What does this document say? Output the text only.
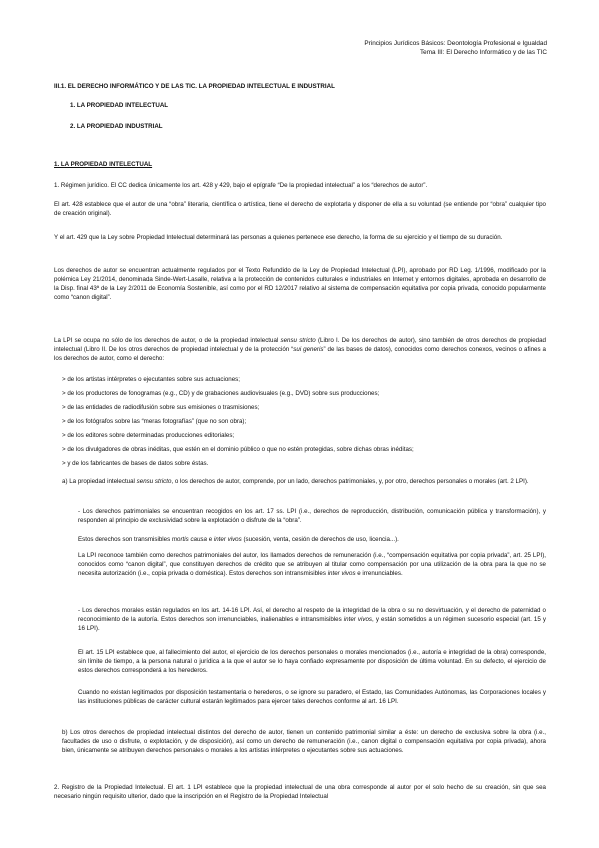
Principios Jurídicos Básicos: Deontología Profesional e Igualdad
Tema III: El Derecho Informático y de las TIC
III.1. EL DERECHO INFORMÁTICO Y DE LAS TIC. LA PROPIEDAD INTELECTUAL E INDUSTRIAL
1. LA PROPIEDAD INTELECTUAL
2. LA PROPIEDAD INDUSTRIAL
1. LA PROPIEDAD INTELECTUAL

1. Régimen jurídico. El CC dedica únicamente los art. 428 y 429, bajo el epígrafe “De la propiedad intelectual” a los “derechos de autor”.

El art. 428 establece que el autor de una “obra” literaria, científica o artística, tiene el derecho de explotarla y disponer de ella a su voluntad (se entiende por “obra” cualquier tipo de creación original).

Y el art. 429 que la Ley sobre Propiedad Intelectual determinará las personas a quienes pertenece ese derecho, la forma de su ejercicio y el tiempo de su duración.

Los derechos de autor se encuentran actualmente regulados por el Texto Refundido de la Ley de Propiedad Intelectual (LPI), aprobado por RD Leg. 1/1996, modificado por la polémica Ley 21/2014, denominada Sinde-Wert-Lasalle, relativa a la protección de contenidos culturales e industriales en Internet y entornos digitales, aprobada en desarrollo de la Disp. final 43ª de la Ley 2/2011 de Economía Sostenible, así como por el RD 12/2017 relativo al sistema de compensación equitativa por copia privada, conocido popularmente como “canon digital”.

La LPI se ocupa no sólo de los derechos de autor, o de la propiedad intelectual sensu stricto (Libro I. De los derechos de autor), sino también de otros derechos de propiedad intelectual (Libro II. De los otros derechos de propiedad intelectual y de la protección “sui generis” de las bases de datos), conocidos como derechos conexos, vecinos o afines a los derechos de autor, como el derecho:

> de los artistas intérpretes o ejecutantes sobre sus actuaciones;
> de los productores de fonogramas (e.g., CD) y de grabaciones audiovisuales (e.g., DVD) sobre sus producciones;
> de las entidades de radiodifusión sobre sus emisiones o trasmisiones;
> de los fotógrafos sobre las “meras fotografías” (que no son obra);
> de los editores sobre determinadas producciones editoriales;
> de los divulgadores de obras inéditas, que estén en el dominio público o que no estén protegidas, sobre dichas obras inéditas;
> y de los fabricantes de bases de datos sobre éstas.

a) La propiedad intelectual sensu stricto, o los derechos de autor, comprende, por un lado, derechos patrimoniales, y, por otro, derechos personales o morales (art. 2 LPI).

- Los derechos patrimoniales se encuentran recogidos en los art. 17 ss. LPI (i.e., derechos de reproducción, distribución, comunicación pública y transformación), y responden al principio de exclusividad sobre la explotación o disfrute de la “obra”.

Estos derechos son transmisibles mortis causa e inter vivos (sucesión, venta, cesión de derechos de uso, licencia...).

La LPI reconoce también como derechos patrimoniales del autor, los llamados derechos de remuneración (i.e., “compensación equitativa por copia privada”, art. 25 LPI), conocidos como “canon digital”, que constituyen derechos de crédito que se atribuyen al titular como compensación por una utilización de la obra para la que no se necesita autorización (i.e., copia privada o doméstica). Estos derechos son intransmisibles inter vivos e irrenunciables.

- Los derechos morales están regulados en los art. 14-16 LPI. Así, el derecho al respeto de la integridad de la obra o su no desvirtuación, y el derecho de paternidad o reconocimiento de la autoría. Estos derechos son irrenunciables, inalienables e intransmisibles inter vivos, y están sometidos a un régimen sucesorio especial (art. 15 y 16 LPI).

El art. 15 LPI establece que, al fallecimiento del autor, el ejercicio de los derechos personales o morales mencionados (i.e., autoría e integridad de la obra) corresponde, sin límite de tiempo, a la persona natural o jurídica a la que el autor se lo haya confiado expresamente por disposición de última voluntad. En su defecto, el ejercicio de estos derechos corresponderá a los herederos.

Cuando no existan legitimados por disposición testamentaria o herederos, o se ignore su paradero, el Estado, las Comunidades Autónomas, las Corporaciones locales y las instituciones públicas de carácter cultural estarán legitimados para ejercer tales derechos conforme al art. 16 LPI.

b) Los otros derechos de propiedad intelectual distintos del derecho de autor, tienen un contenido patrimonial similar a éste: un derecho de exclusiva sobre la obra (i.e., facultades de uso o disfrute, o explotación, y de disposición), así como un derecho de remuneración (i.e., canon digital o compensación equitativa por copia privada), ahora bien, únicamente se atribuyen derechos personales o morales a los artistas intérpretes o ejecutantes sobre sus actuaciones.

2. Registro de la Propiedad Intelectual. El art. 1 LPI establece que la propiedad intelectual de una obra corresponde al autor por el solo hecho de su creación, sin que sea necesario ningún requisito ulterior, dado que la inscripción en el Registro de la Propiedad Intelectual
